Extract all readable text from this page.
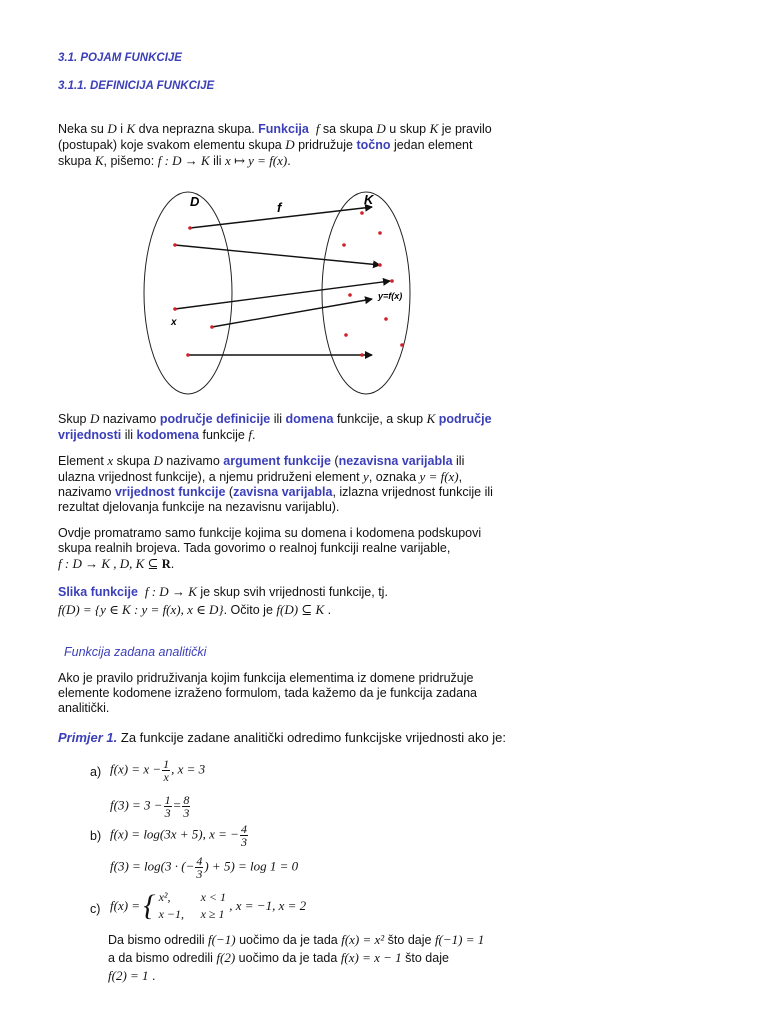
3.1. POJAM FUNKCIJE
3.1.1. DEFINICIJA FUNKCIJE
Neka su D i K dva neprazna skupa. Funkcija f sa skupa D u skup K je pravilo
(postupak) koje svakom elementu skupa D pridružuje točno jedan element
skupa K, pišemo: f : D → K ili x ↦ y = f(x).
D	K
f
x
y=f(x)
Skup D nazivamo područje definicije ili domena funkcije, a skup K područje
vrijednosti ili kodomena funkcije f.
Element x skupa D nazivamo argument funkcije (nezavisna varijabla ili
ulazna vrijednost funkcije), a njemu pridruženi element y, oznaka y = f(x),
nazivamo vrijednost funkcije (zavisna varijabla, izlazna vrijednost funkcije ili
rezultat djelovanja funkcije na nezavisnu varijablu).
Ovdje promatramo samo funkcije kojima su domena i kodomena podskupovi
skupa realnih brojeva. Tada govorimo o realnoj funkciji realne varijable,
f : D → K , D, K ⊆ R.
Slika funkcije f : D → K je skup svih vrijednosti funkcije, tj.
f(D) = {y ∈ K : y = f(x), x ∈ D}. Očito je f(D) ⊆ K .
Funkcija zadana analitički
Ako je pravilo pridruživanja kojim funkcija elementima iz domene pridružuje
elemente kodomene izraženo formulom, tada kažemo da je funkcija zadana
analitički.
Primjer 1. Za funkcije zadane analitički odredimo funkcijske vrijednosti ako je:
a) $f(x) = x - \frac{1}{x}$ , x = 3
$f(3) = 3 - \frac{1}{3} = \frac{8}{3}$
b) f(x) = log(3x + 5), x = − $\frac{4}{3}$
f(3) = log(3 · (− $\frac{4}{3}$ ) + 5) = log 1 = 0
c) f(x) = { x²,	x < 1
x −1, x ≥ 1
, x = −1, x = 2
Da bismo odredili f(−1) uočimo da je tada f(x) = x² što daje f(−1) = 1
a da bismo odredili f(2) uočimo da je tada f(x) = x − 1 što daje
f(2) = 1 .
